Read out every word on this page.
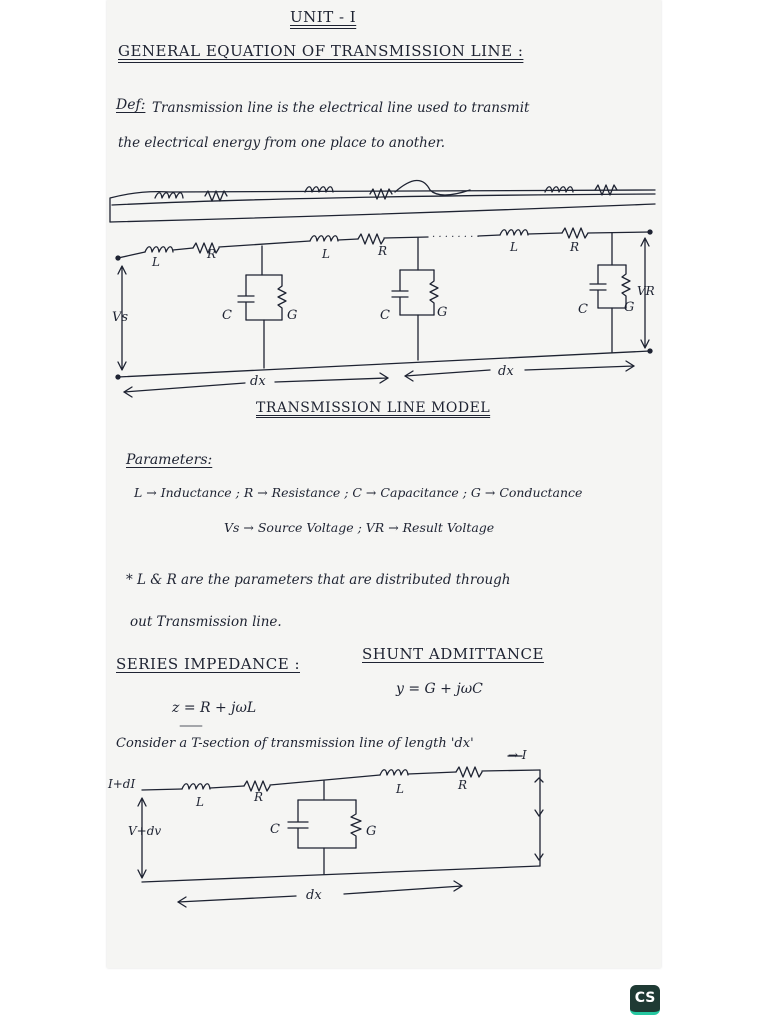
UNIT - I
GENERAL EQUATION OF TRANSMISSION LINE :
Def: Transmission line is the electrical line used to transmit
the electrical energy from one place to another.
L
R	L	R	L	R
C	G	C	G	C	G
Vs
VR
dx
dx
. . . . . . . .
TRANSMISSION LINE MODEL
Parameters:
L → Inductance ; R → Resistance ; C → Capacitance ; G → Conductance
Vs → Source Voltage ; VR → Result Voltage
* L & R are the parameters that are distributed through
out Transmission line.
SERIES IMPEDANCE :
z = R + jωL
SHUNT ADMITTANCE
y = G + jωC
Consider a T-section of transmission line of length 'dx'
→ I
I+dI
V+dv
L	R
L	R
C	G
dx
CS
